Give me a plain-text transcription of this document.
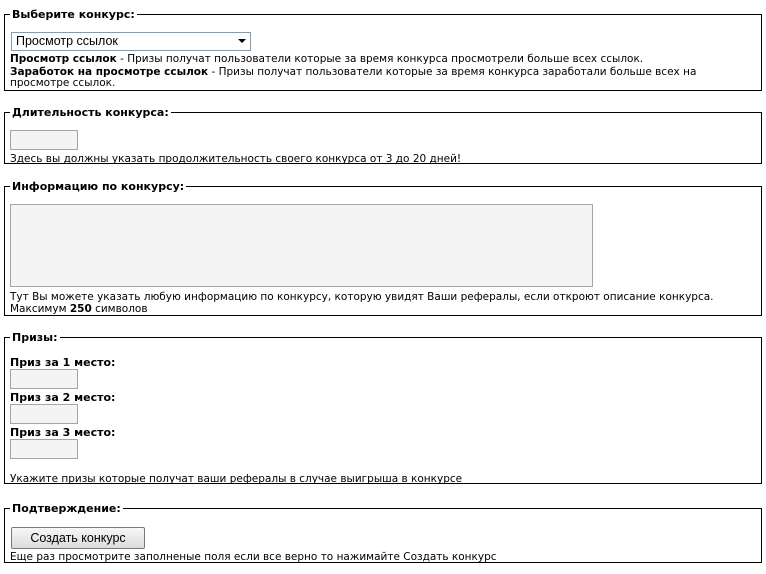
Выберите конкурс:
Просмотр ссылок
Просмотр ссылок - Призы получат пользователи которые за время конкурса просмотрели больше всех ссылок.
Заработок на просмотре ссылок - Призы получат пользователи которые за время конкурса заработали больше всех на просмотре ссылок.
Длительность конкурса:
Здесь вы должны указать продолжительность своего конкурса от 3 до 20 дней!
Информацию по конкурсу:
Тут Вы можете указать любую информацию по конкурсу, которую увидят Ваши рефералы, если откроют описание конкурса.
Максимум 250 символов
Призы:
Приз за 1 место:
Приз за 2 место:
Приз за 3 место:
Укажите призы которые получат ваши рефералы в случае выигрыша в конкурсе
Подтверждение:
Создать конкурс
Еще раз просмотрите заполненые поля если все верно то нажимайте Создать конкурс
